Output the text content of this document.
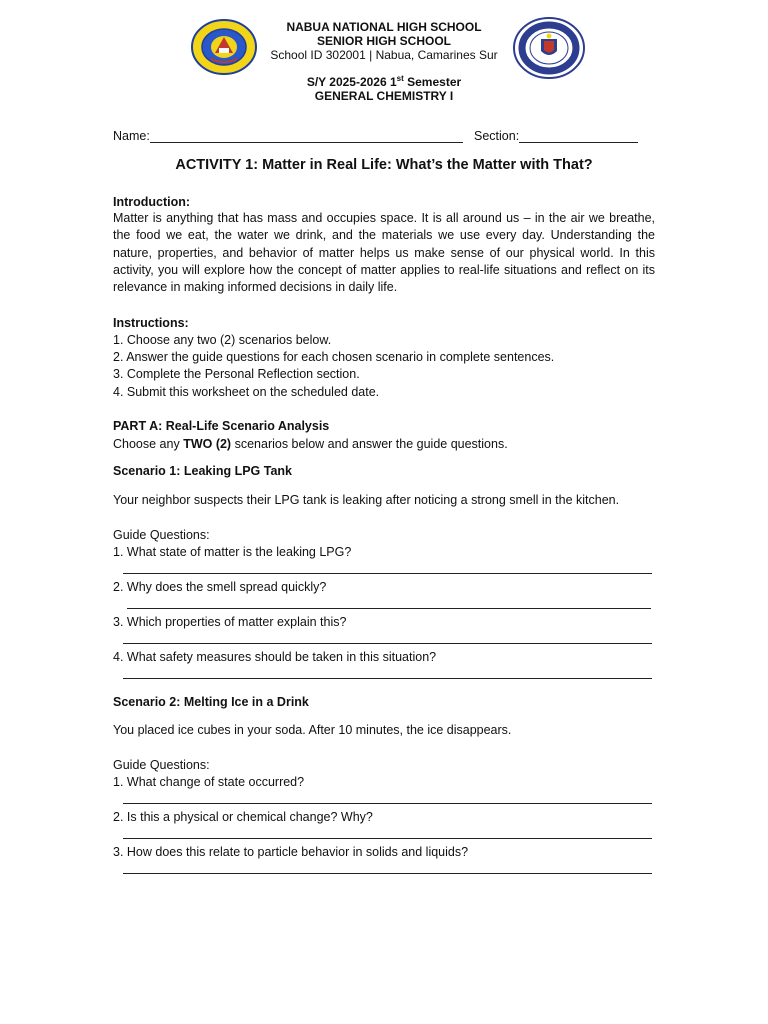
NABUA NATIONAL HIGH SCHOOL
SENIOR HIGH SCHOOL
School ID 302001 | Nabua, Camarines Sur
S/Y 2025-2026 1st Semester
GENERAL CHEMISTRY I
Name:	Section:
ACTIVITY 1: Matter in Real Life: What’s the Matter with That?
Introduction:
Matter is anything that has mass and occupies space. It is all around us – in the air we breathe, the food we eat, the water we drink, and the materials we use every day. Understanding the nature, properties, and behavior of matter helps us make sense of our physical world. In this activity, you will explore how the concept of matter applies to real-life situations and reflect on its relevance in making informed decisions in daily life.
Instructions:
1. Choose any two (2) scenarios below.
2. Answer the guide questions for each chosen scenario in complete sentences.
3. Complete the Personal Reflection section.
4. Submit this worksheet on the scheduled date.
PART A: Real-Life Scenario Analysis
Choose any TWO (2) scenarios below and answer the guide questions.
Scenario 1: Leaking LPG Tank
Your neighbor suspects their LPG tank is leaking after noticing a strong smell in the kitchen.
Guide Questions:
1. What state of matter is the leaking LPG?
2. Why does the smell spread quickly?
3. Which properties of matter explain this?
4. What safety measures should be taken in this situation?
Scenario 2: Melting Ice in a Drink
You placed ice cubes in your soda. After 10 minutes, the ice disappears.
Guide Questions:
1. What change of state occurred?
2. Is this a physical or chemical change? Why?
3. How does this relate to particle behavior in solids and liquids?
